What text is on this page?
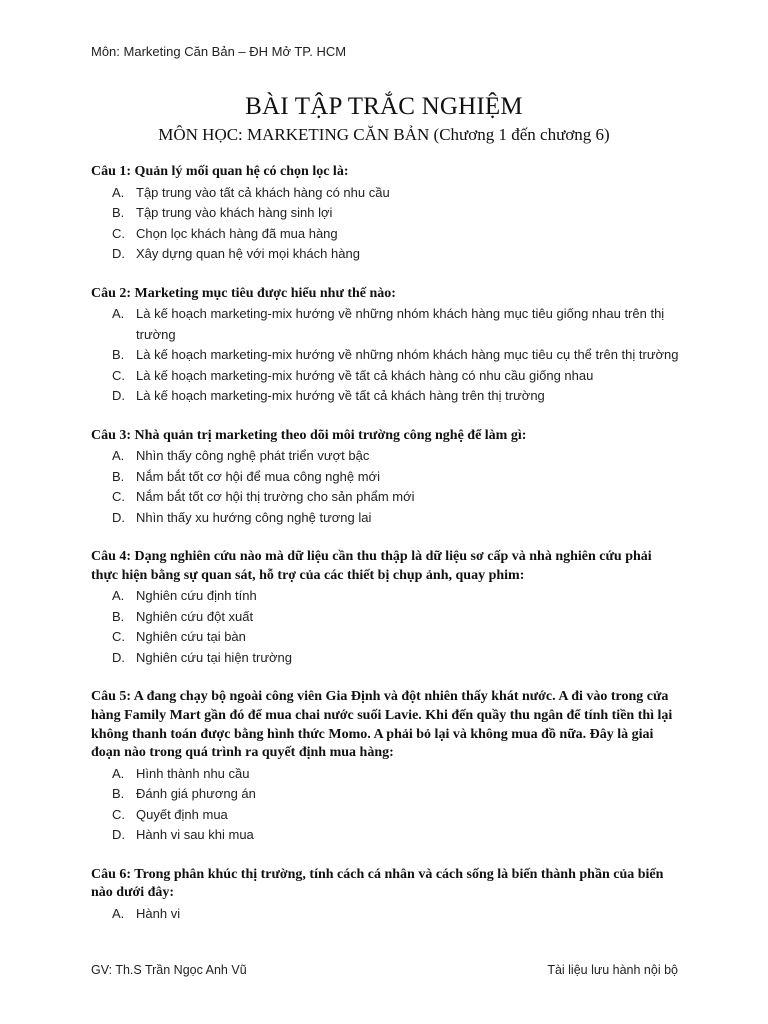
Môn: Marketing Căn Bản – ĐH Mở TP. HCM
BÀI TẬP TRẮC NGHIỆM
MÔN HỌC: MARKETING CĂN BẢN (Chương 1 đến chương 6)
Câu 1: Quản lý mối quan hệ có chọn lọc là:
A. Tập trung vào tất cả khách hàng có nhu cầu
B. Tập trung vào khách hàng sinh lợi
C. Chọn lọc khách hàng đã mua hàng
D. Xây dựng quan hệ với mọi khách hàng
Câu 2: Marketing mục tiêu được hiểu như thế nào:
A. Là kế hoạch marketing-mix hướng về những nhóm khách hàng mục tiêu giống nhau trên thị trường
B. Là kế hoạch marketing-mix hướng về những nhóm khách hàng mục tiêu cụ thể trên thị trường
C. Là kế hoạch marketing-mix hướng về tất cả khách hàng có nhu cầu giống nhau
D. Là kế hoạch marketing-mix hướng về tất cả khách hàng trên thị trường
Câu 3: Nhà quản trị marketing theo dõi môi trường công nghệ để làm gì:
A. Nhìn thấy công nghệ phát triển vượt bậc
B. Nắm bắt tốt cơ hội để mua công nghệ mới
C. Nắm bắt tốt cơ hội thị trường cho sản phẩm mới
D. Nhìn thấy xu hướng công nghệ tương lai
Câu 4: Dạng nghiên cứu nào mà dữ liệu cần thu thập là dữ liệu sơ cấp và nhà nghiên cứu phải thực hiện bằng sự quan sát, hỗ trợ của các thiết bị chụp ảnh, quay phim:
A. Nghiên cứu định tính
B. Nghiên cứu đột xuất
C. Nghiên cứu tại bàn
D. Nghiên cứu tại hiện trường
Câu 5: A đang chạy bộ ngoài công viên Gia Định và đột nhiên thấy khát nước. A đi vào trong cửa hàng Family Mart gần đó để mua chai nước suối Lavie. Khi đến quầy thu ngân để tính tiền thì lại không thanh toán được bằng hình thức Momo. A phải bỏ lại và không mua đồ nữa. Đây là giai đoạn nào trong quá trình ra quyết định mua hàng:
A. Hình thành nhu cầu
B. Đánh giá phương án
C. Quyết định mua
D. Hành vi sau khi mua
Câu 6: Trong phân khúc thị trường, tính cách cá nhân và cách sống là biến thành phần của biến nào dưới đây:
A. Hành vi
GV: Th.S Trần Ngọc Anh Vũ	Tài liệu lưu hành nội bộ
